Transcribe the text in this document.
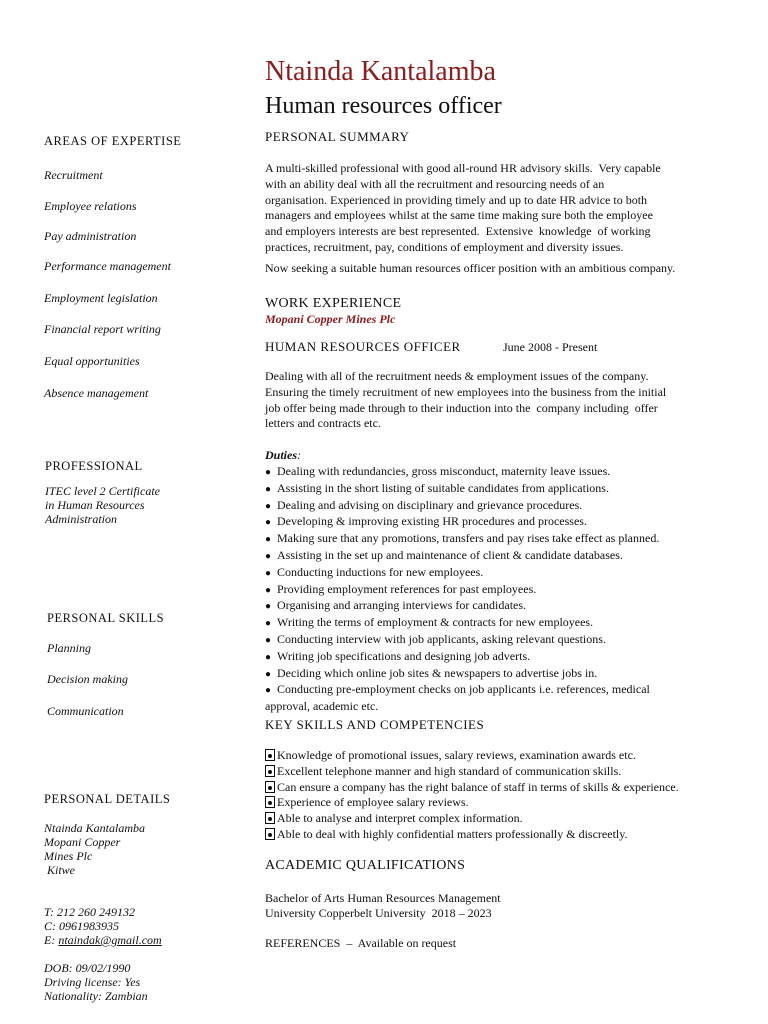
Ntainda Kantalamba
Human resources officer
AREAS OF EXPERTISE
Recruitment
Employee relations
Pay administration
Performance management
Employment legislation
Financial report writing
Equal opportunities
Absence management
PROFESSIONAL
ITEC level 2 Certificate
in Human Resources
Administration
PERSONAL SKILLS
Planning
Decision making
Communication
PERSONAL DETAILS
Ntainda Kantalamba
Mopani Copper
Mines Plc
Kitwe
T: 212 260 249132
C: 0961983935
E: ntaindak@gmail.com
DOB: 09/02/1990
Driving license: Yes
Nationality: Zambian
PERSONAL SUMMARY
A multi-skilled professional with good all-round HR advisory skills.  Very capable
with an ability deal with all the recruitment and resourcing needs of an
organisation. Experienced in providing timely and up to date HR advice to both
managers and employees whilst at the same time making sure both the employee
and employers interests are best represented.  Extensive  knowledge  of working
practices, recruitment, pay, conditions of employment and diversity issues.
Now seeking a suitable human resources officer position with an ambitious company.
WORK EXPERIENCE
Mopani Copper Mines Plc
HUMAN RESOURCES OFFICER	June 2008 - Present
Dealing with all of the recruitment needs & employment issues of the company.
Ensuring the timely recruitment of new employees into the business from the initial
job offer being made through to their induction into the  company including  offer
letters and contracts etc.
Duties:
● Dealing with redundancies, gross misconduct, maternity leave issues.
● Assisting in the short listing of suitable candidates from applications.
● Dealing and advising on disciplinary and grievance procedures.
● Developing & improving existing HR procedures and processes.
● Making sure that any promotions, transfers and pay rises take effect as planned.
● Assisting in the set up and maintenance of client & candidate databases.
● Conducting inductions for new employees.
● Providing employment references for past employees.
● Organising and arranging interviews for candidates.
● Writing the terms of employment & contracts for new employees.
● Conducting interview with job applicants, asking relevant questions.
● Writing job specifications and designing job adverts.
● Deciding which online job sites & newspapers to advertise jobs in.
● Conducting pre-employment checks on job applicants i.e. references, medical
approval, academic etc.
KEY SKILLS AND COMPETENCIES
Knowledge of promotional issues, salary reviews, examination awards etc.
Excellent telephone manner and high standard of communication skills.
Can ensure a company has the right balance of staff in terms of skills & experience.
Experience of employee salary reviews.
Able to analyse and interpret complex information.
Able to deal with highly confidential matters professionally & discreetly.
ACADEMIC QUALIFICATIONS
Bachelor of Arts Human Resources Management
University Copperbelt University  2018 – 2023
REFERENCES  –  Available on request
